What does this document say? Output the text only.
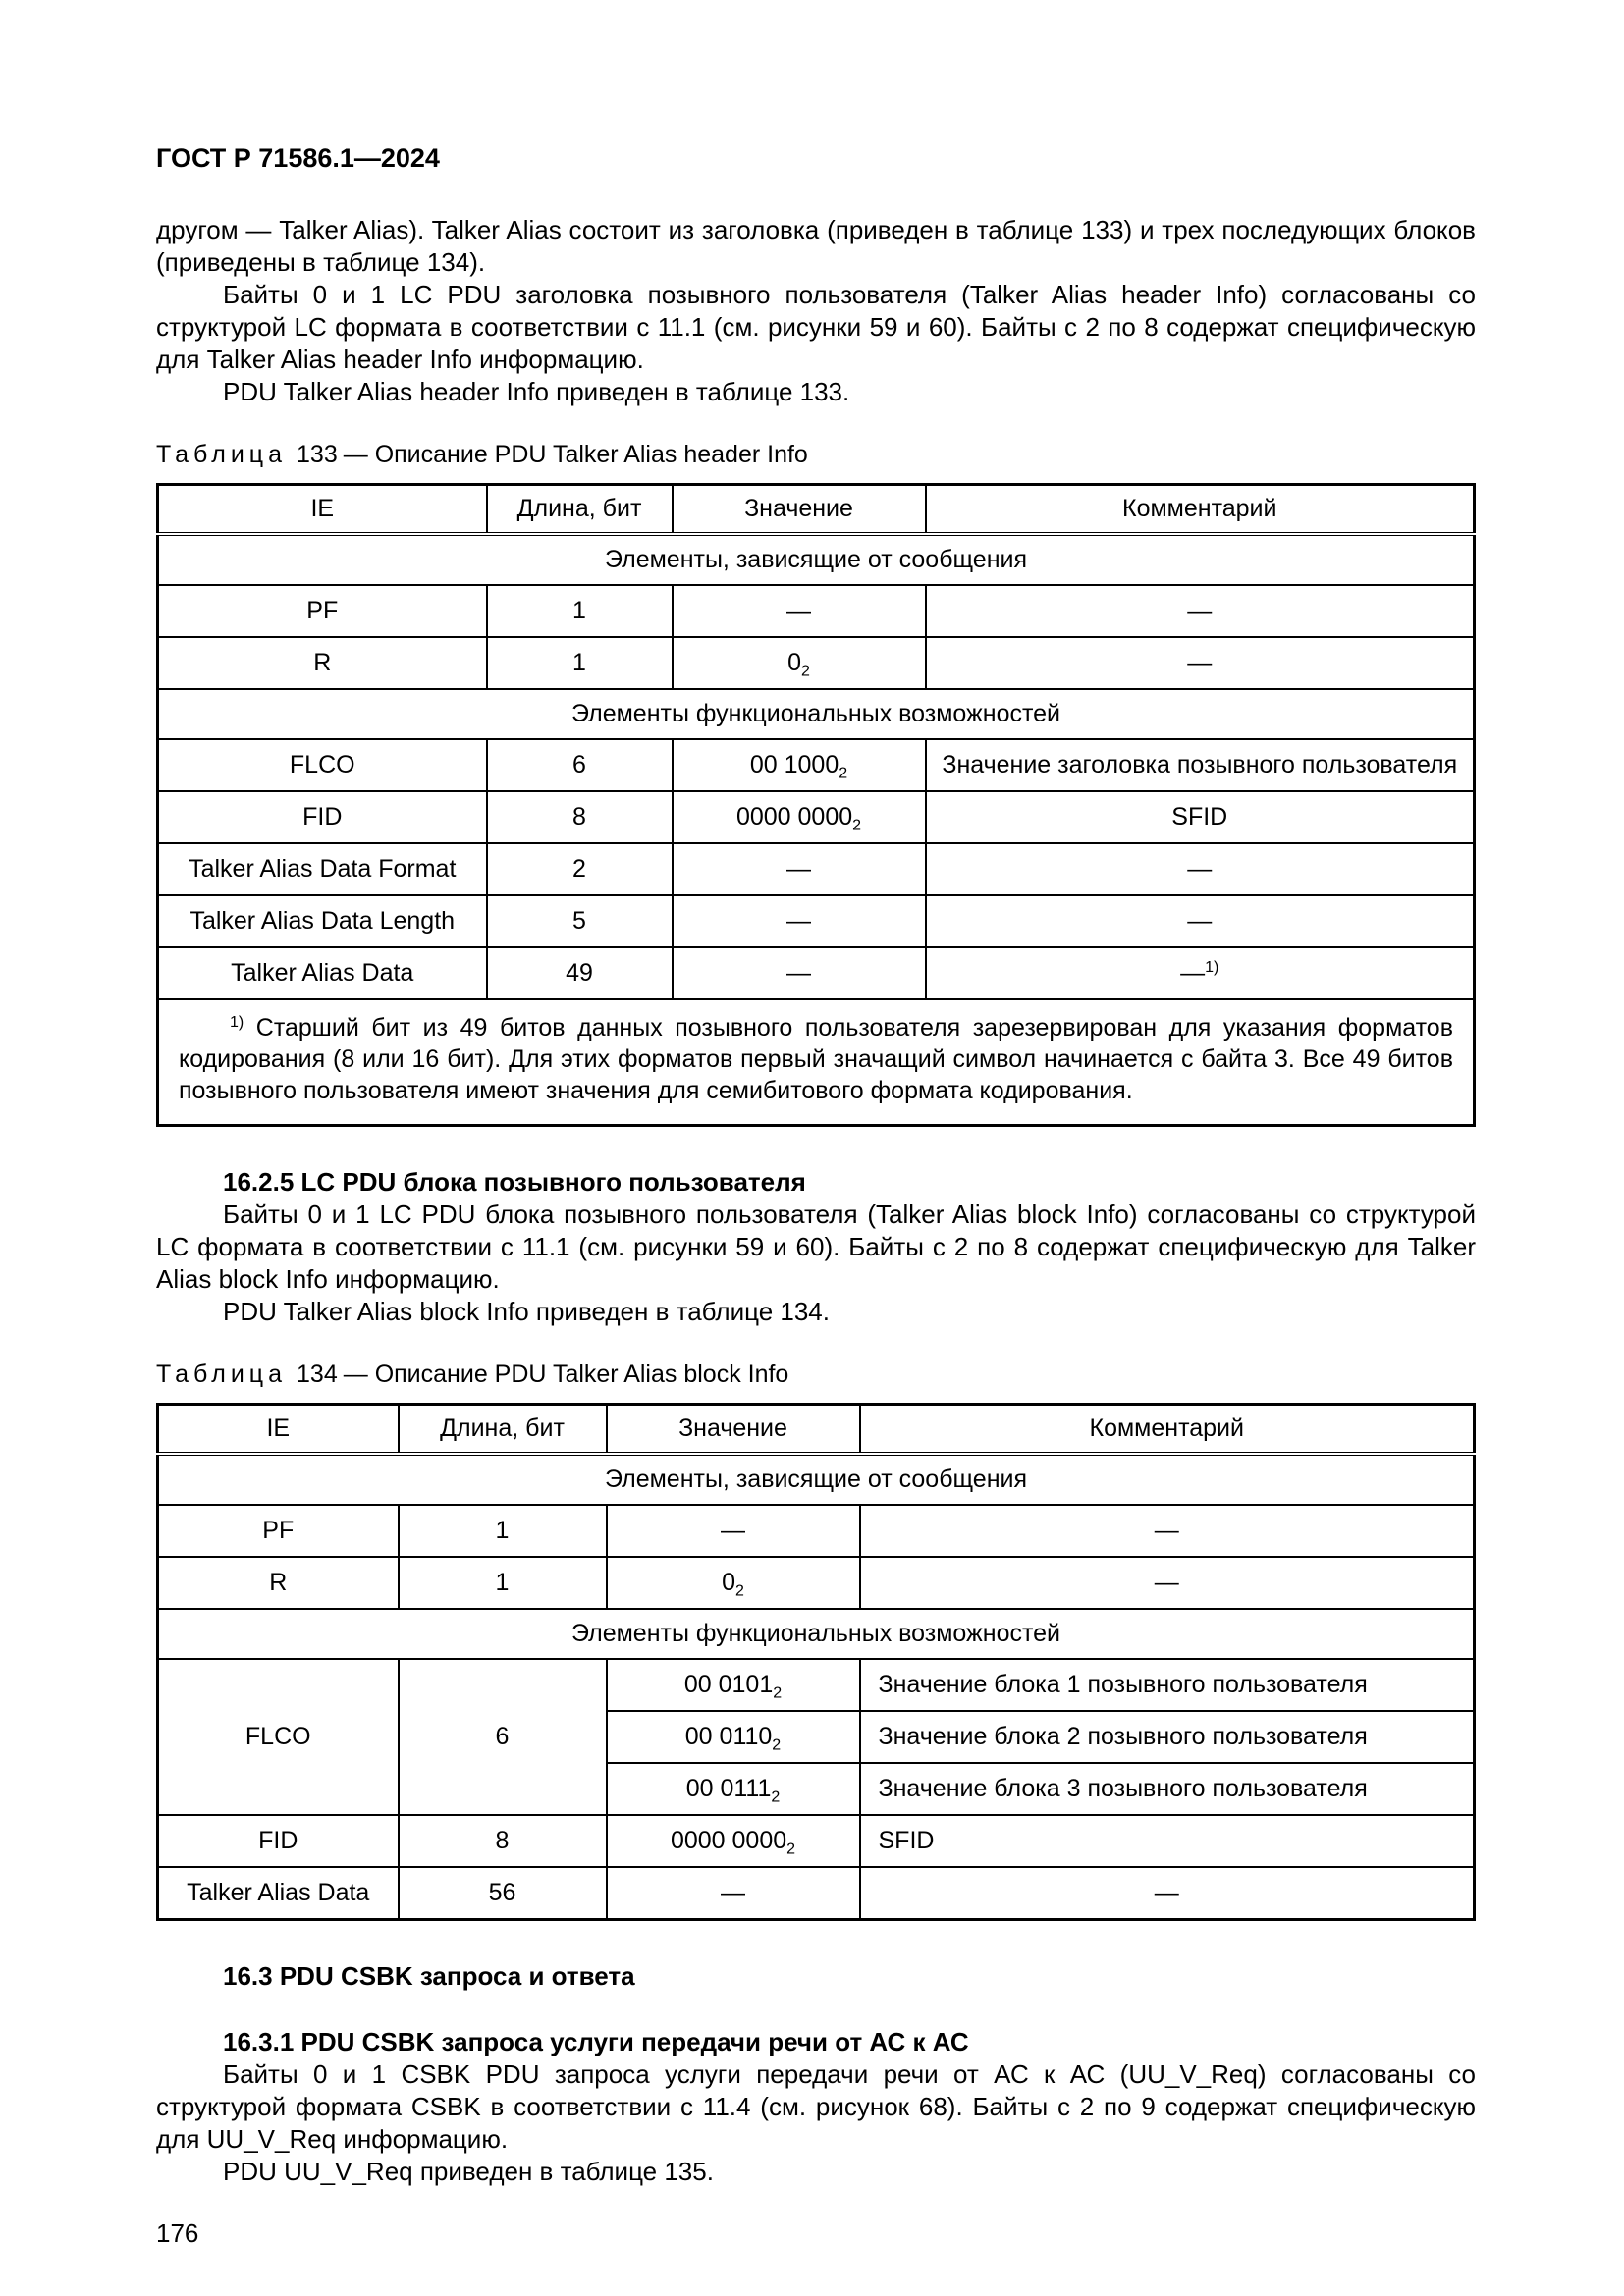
ГОСТ Р 71586.1—2024

другом — Talker Alias). Talker Alias состоит из заголовка (приведен в таблице 133) и трех последующих блоков (приведены в таблице 134).

Байты 0 и 1 LC PDU заголовка позывного пользователя (Talker Alias header Info) согласованы со структурой LC формата в соответствии с 11.1 (см. рисунки 59 и 60). Байты с 2 по 8 содержат специфическую для Talker Alias header Info информацию.

PDU Talker Alias header Info приведен в таблице 133.

Таблица 133 — Описание PDU Talker Alias header Info
IE	Длина, бит	Значение	Комментарий
Элементы, зависящие от сообщения			
PF	1	—	—
R	1	$0_2$	—
Элементы функциональных возможностей			
FLCO	6	00 $1000_2$	Значение заголовка позывного пользователя
FID	8	0000 $0000_2$	SFID
Talker Alias Data Format	2	—	—
Talker Alias Data Length	5	—	—
Talker Alias Data	49	—	—$^{1)}$

$^{1)}$ Старший бит из 49 битов данных позывного пользователя зарезервирован для указания форматов кодирования (8 или 16 бит). Для этих форматов первый значащий символ начинается с байта 3. Все 49 битов позывного пользователя имеют значения для семибитового формата кодирования.			

16.2.5 LC PDU блока позывного пользователя

Байты 0 и 1 LC PDU блока позывного пользователя (Talker Alias block Info) согласованы со структурой LC формата в соответствии с 11.1 (см. рисунки 59 и 60). Байты с 2 по 8 содержат специфическую для Talker Alias block Info информацию.

PDU Talker Alias block Info приведен в таблице 134.

Таблица 134 — Описание PDU Talker Alias block Info
IE	Длина, бит	Значение	Комментарий
Элементы, зависящие от сообщения			
PF	1	—	—
R	1	$0_2$	—
Элементы функциональных возможностей			
FLCO	6	00 $0101_2$	Значение блока 1 позывного пользователя
		00 $0110_2$	Значение блока 2 позывного пользователя
		00 $0111_2$	Значение блока 3 позывного пользователя
FID	8	0000 $0000_2$	SFID
Talker Alias Data	56	—	—
16.3 PDU CSBK запроса и ответа
16.3.1 PDU CSBK запроса услуги передачи речи от АС к АС

Байты 0 и 1 CSBK PDU запроса услуги передачи речи от АС к АС (UU_V_Req) согласованы со структурой формата CSBK в соответствии с 11.4 (см. рисунок 68). Байты с 2 по 9 содержат специфическую для UU_V_Req информацию.

PDU UU_V_Req приведен в таблице 135.

176
